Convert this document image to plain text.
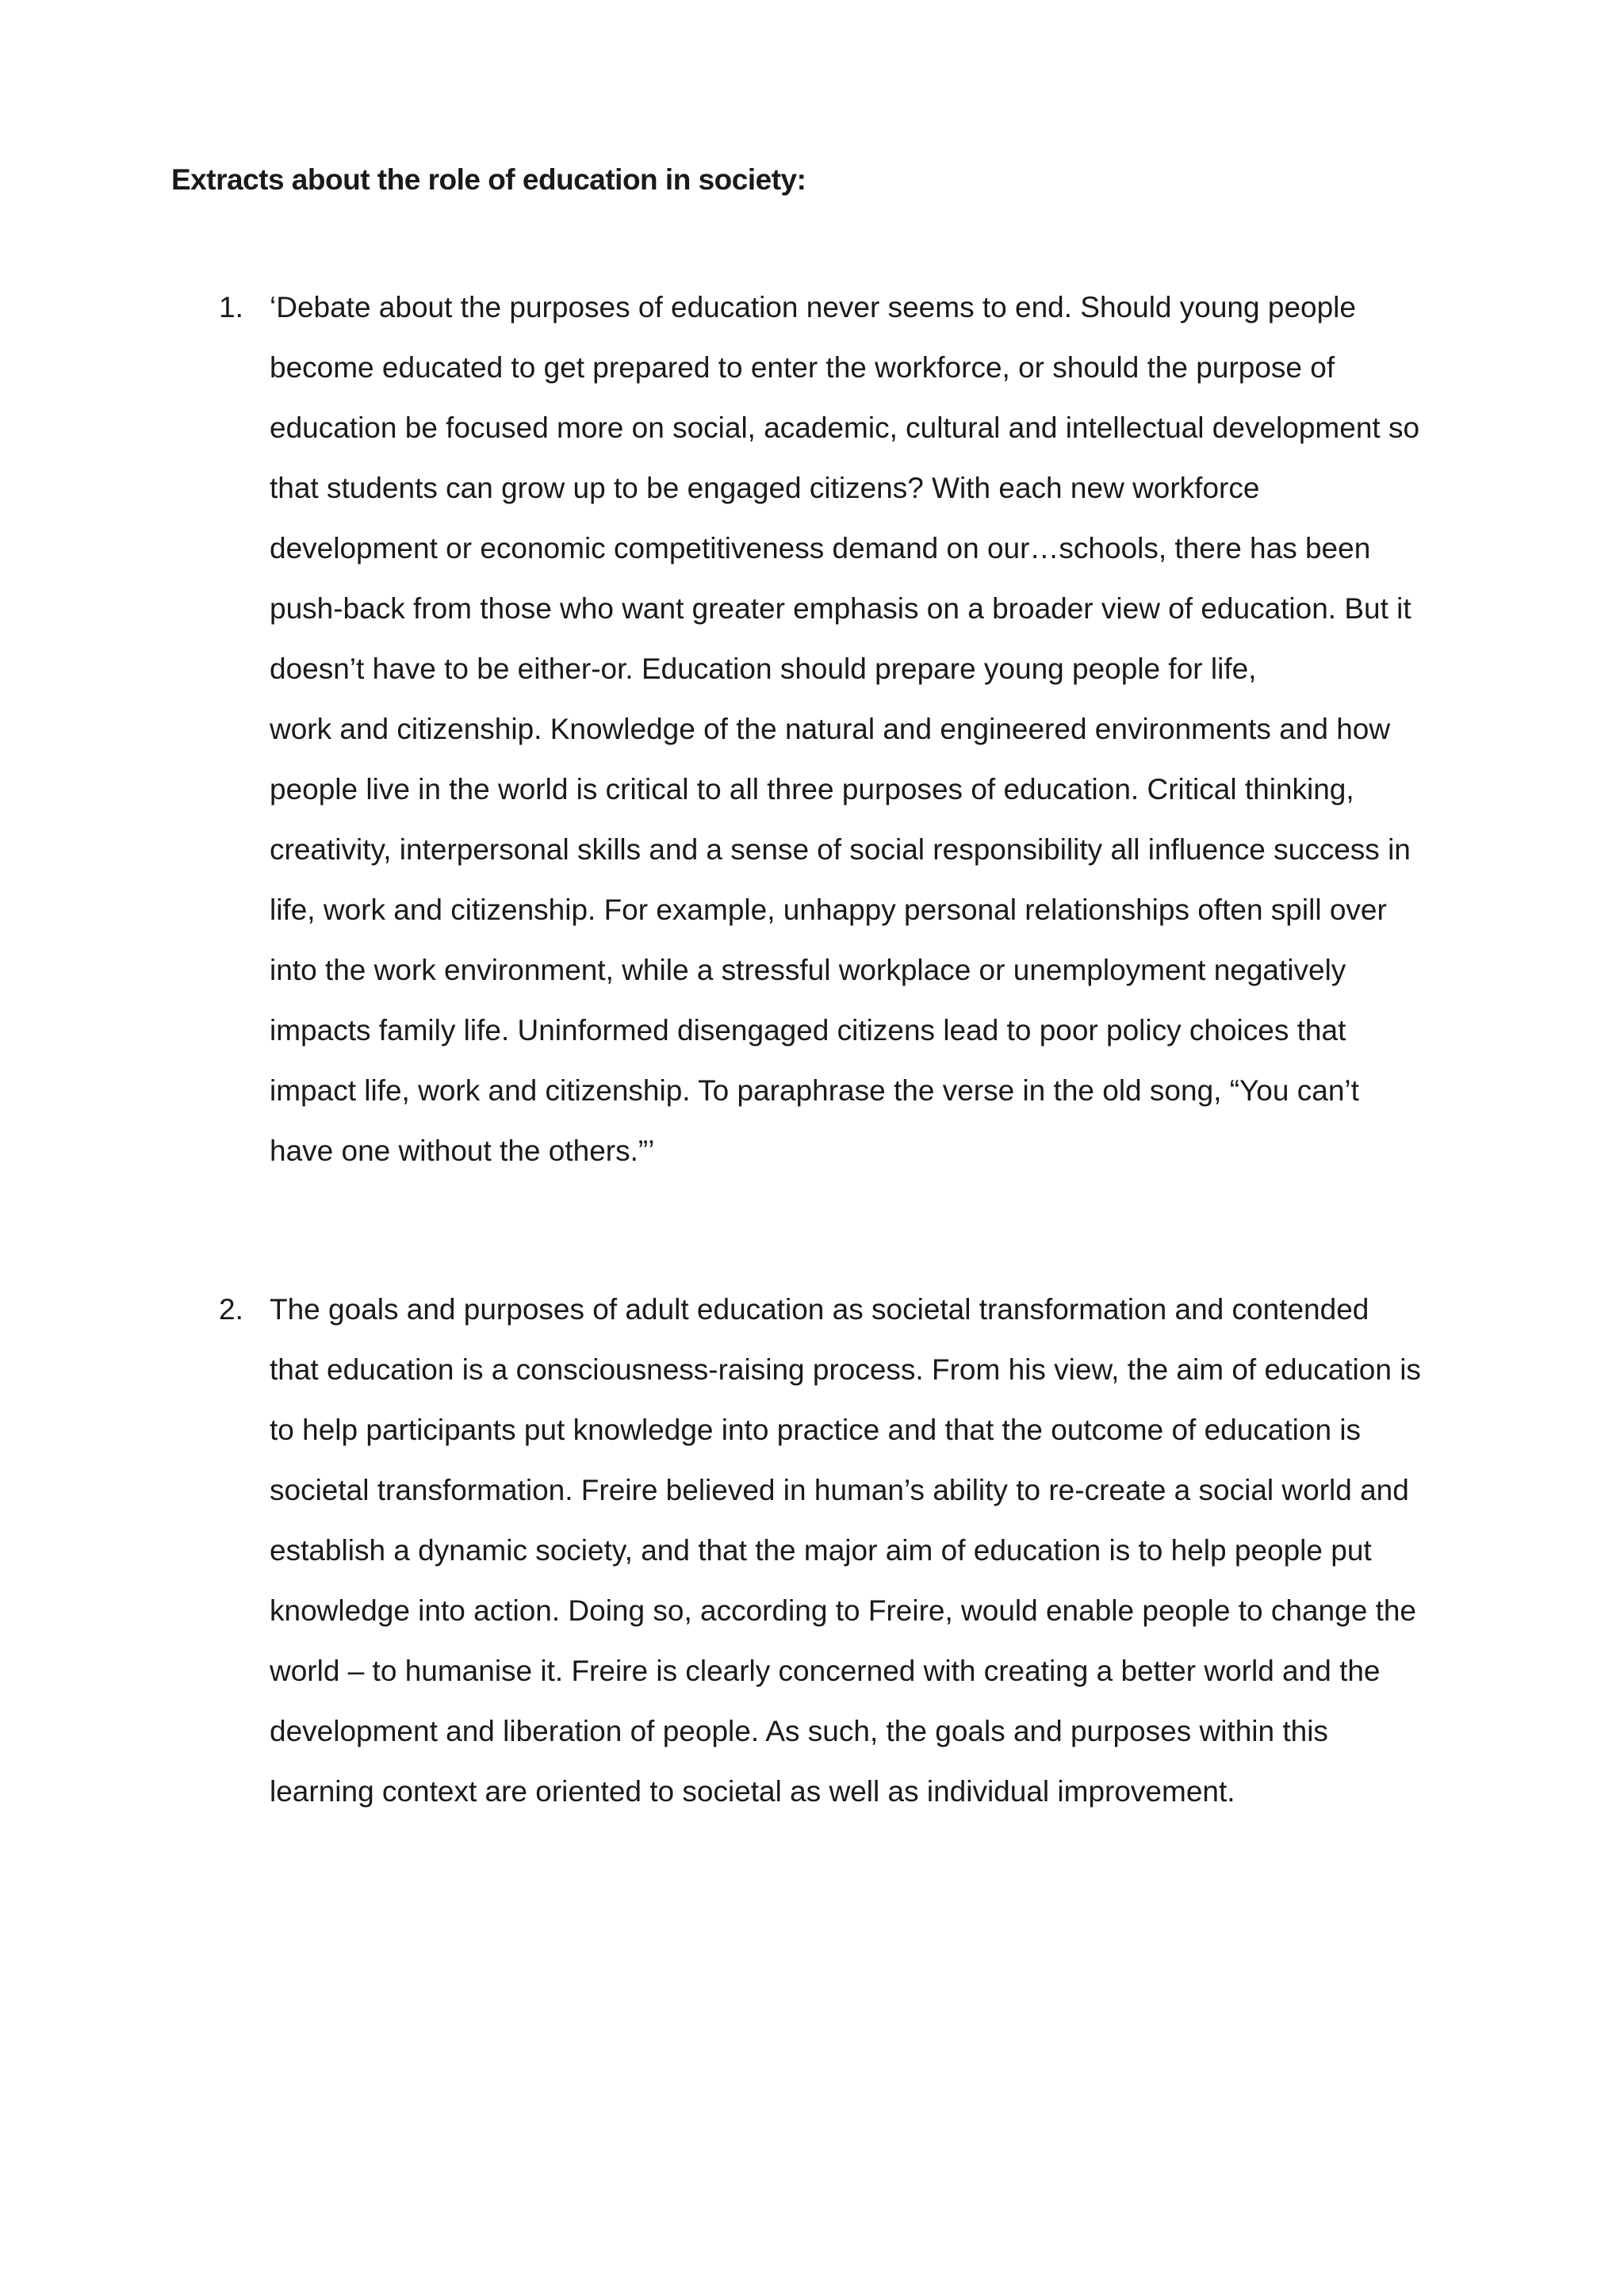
Extracts about the role of education in society:

1. ‘Debate about the purposes of education never seems to end. Should young people
become educated to get prepared to enter the workforce, or should the purpose of
education be focused more on social, academic, cultural and intellectual development so
that students can grow up to be engaged citizens? With each new workforce
development or economic competitiveness demand on our…schools, there has been
push-back from those who want greater emphasis on a broader view of education. But it
doesn’t have to be either-or. Education should prepare young people for life,
work and citizenship. Knowledge of the natural and engineered environments and how
people live in the world is critical to all three purposes of education. Critical thinking,
creativity, interpersonal skills and a sense of social responsibility all influence success in
life, work and citizenship. For example, unhappy personal relationships often spill over
into the work environment, while a stressful workplace or unemployment negatively
impacts family life. Uninformed disengaged citizens lead to poor policy choices that
impact life, work and citizenship. To paraphrase the verse in the old song, “You can’t
have one without the others.”’

2. The goals and purposes of adult education as societal transformation and contended
that education is a consciousness-raising process. From his view, the aim of education is
to help participants put knowledge into practice and that the outcome of education is
societal transformation. Freire believed in human’s ability to re-create a social world and
establish a dynamic society, and that the major aim of education is to help people put
knowledge into action. Doing so, according to Freire, would enable people to change the
world – to humanise it. Freire is clearly concerned with creating a better world and the
development and liberation of people. As such, the goals and purposes within this
learning context are oriented to societal as well as individual improvement.
